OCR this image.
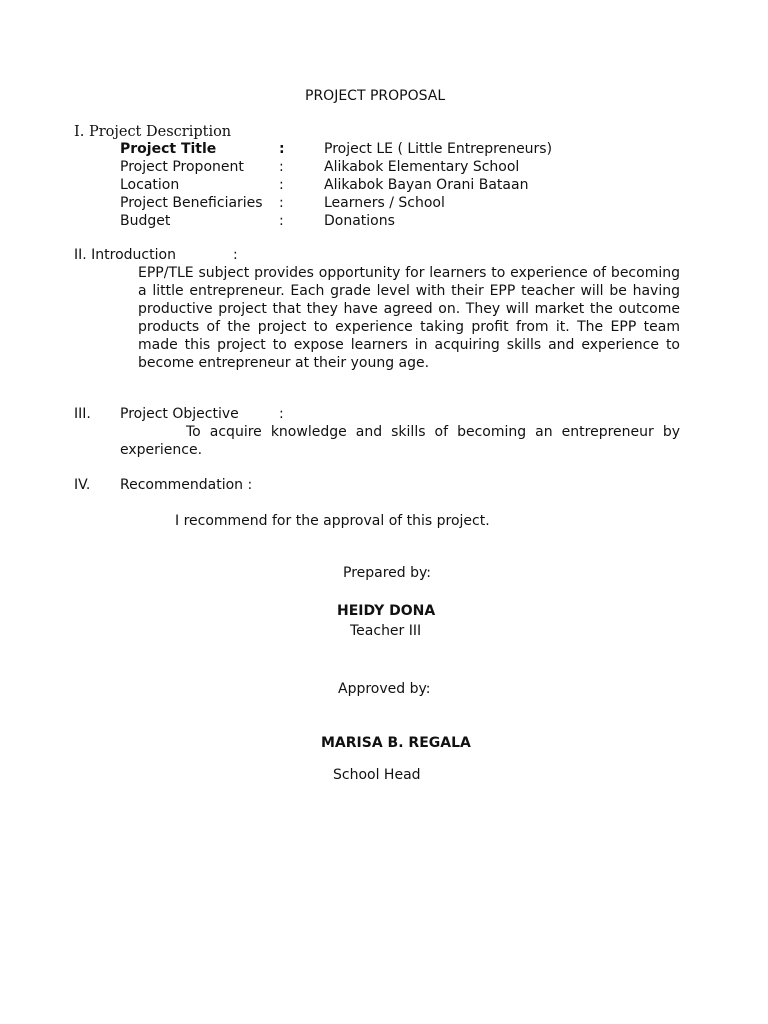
PROJECT PROPOSAL
I. Project Description
Project Title	:	Project LE ( Little Entrepreneurs)
Project Proponent	:	Alikabok Elementary School
Location	:	Alikabok Bayan Orani Bataan
Project Beneficiaries :	Learners / School
Budget	:	Donations
II. Introduction	:
EPP/TLE subject provides opportunity for learners to experience of becoming a little entrepreneur. Each grade level with their EPP teacher will be having productive project that they have agreed on. They will market the outcome products of the project to experience taking profit from it. The EPP team made this project to expose learners in acquiring skills and experience to become entrepreneur at their young age.
III. Project Objective	:
To acquire knowledge and skills of becoming an entrepreneur by experience.
IV. Recommendation :
I recommend for the approval of this project.
Prepared by:
HEIDY DONA
Teacher III
Approved by:
MARISA B. REGALA
School Head
